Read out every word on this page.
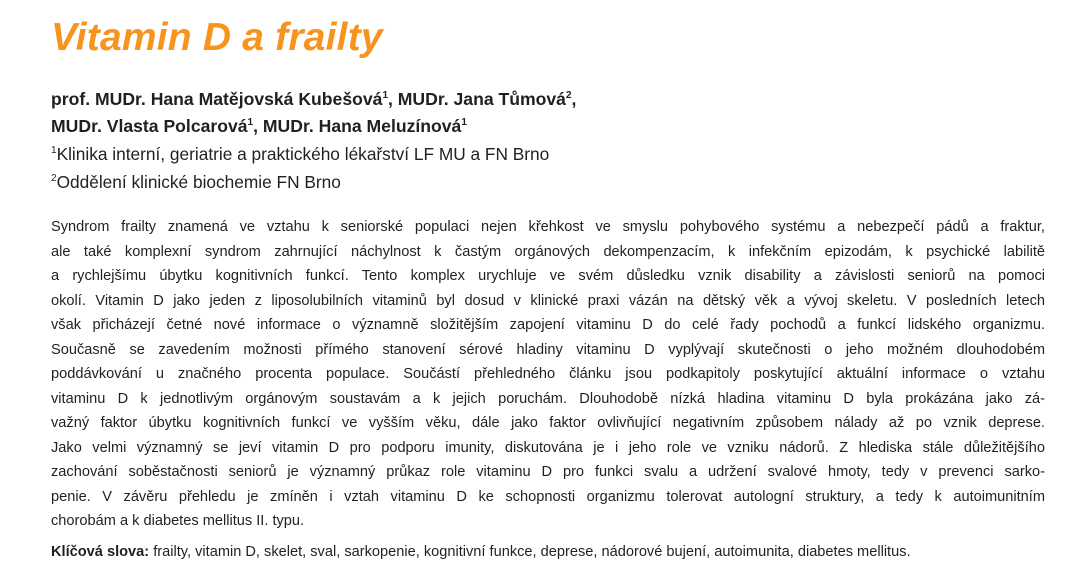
Vitamin D a frailty
prof. MUDr. Hana Matějovská Kubešová$^1$, MUDr. Jana Tůmová$^2$,
MUDr. Vlasta Polcarová$^1$, MUDr. Hana Meluzínová$^1$
$^1$Klinika interní, geriatrie a praktického lékařství LF MU a FN Brno
$^2$Oddělení klinické biochemie FN Brno
Syndrom frailty znamená ve vztahu k seniorské populaci nejen křehkost ve smyslu pohybového systému a nebezpečí pádů a fraktur,
ale také komplexní syndrom zahrnující náchylnost k častým orgánových dekompenzacím, k infekčním epizodám, k psychické labilitě
a rychlejšímu úbytku kognitivních funkcí. Tento komplex urychluje ve svém důsledku vznik disability a závislosti seniorů na pomoci
okolí. Vitamin D jako jeden z liposolubilních vitaminů byl dosud v klinické praxi vázán na dětský věk a vývoj skeletu. V posledních letech
však přicházejí četné nové informace o významně složitějším zapojení vitaminu D do celé řady pochodů a funkcí lidského organizmu.
Současně se zavedením možnosti přímého stanovení sérové hladiny vitaminu D vyplývají skutečnosti o jeho možném dlouhodobém
poddávkování u značného procenta populace. Součástí přehledného článku jsou podkapitoly poskytující aktuální informace o vztahu
vitaminu D k jednotlivým orgánovým soustavám a k jejich poruchám. Dlouhodobě nízká hladina vitaminu D byla prokázána jako zá-
važný faktor úbytku kognitivních funkcí ve vyšším věku, dále jako faktor ovlivňující negativním způsobem nálady až po vznik deprese.
Jako velmi významný se jeví vitamin D pro podporu imunity, diskutována je i jeho role ve vzniku nádorů. Z hlediska stále důležitějšího
zachování soběstačnosti seniorů je významný průkaz role vitaminu D pro funkci svalu a udržení svalové hmoty, tedy v prevenci sarko-
penie. V závěru přehledu je zmíněn i vztah vitaminu D ke schopnosti organizmu tolerovat autologní struktury, a tedy k autoimunitním
chorobám a k diabetes mellitus II. typu.
Klíčová slova: frailty, vitamin D, skelet, sval, sarkopenie, kognitivní funkce, deprese, nádorové bujení, autoimunita, diabetes mellitus.
